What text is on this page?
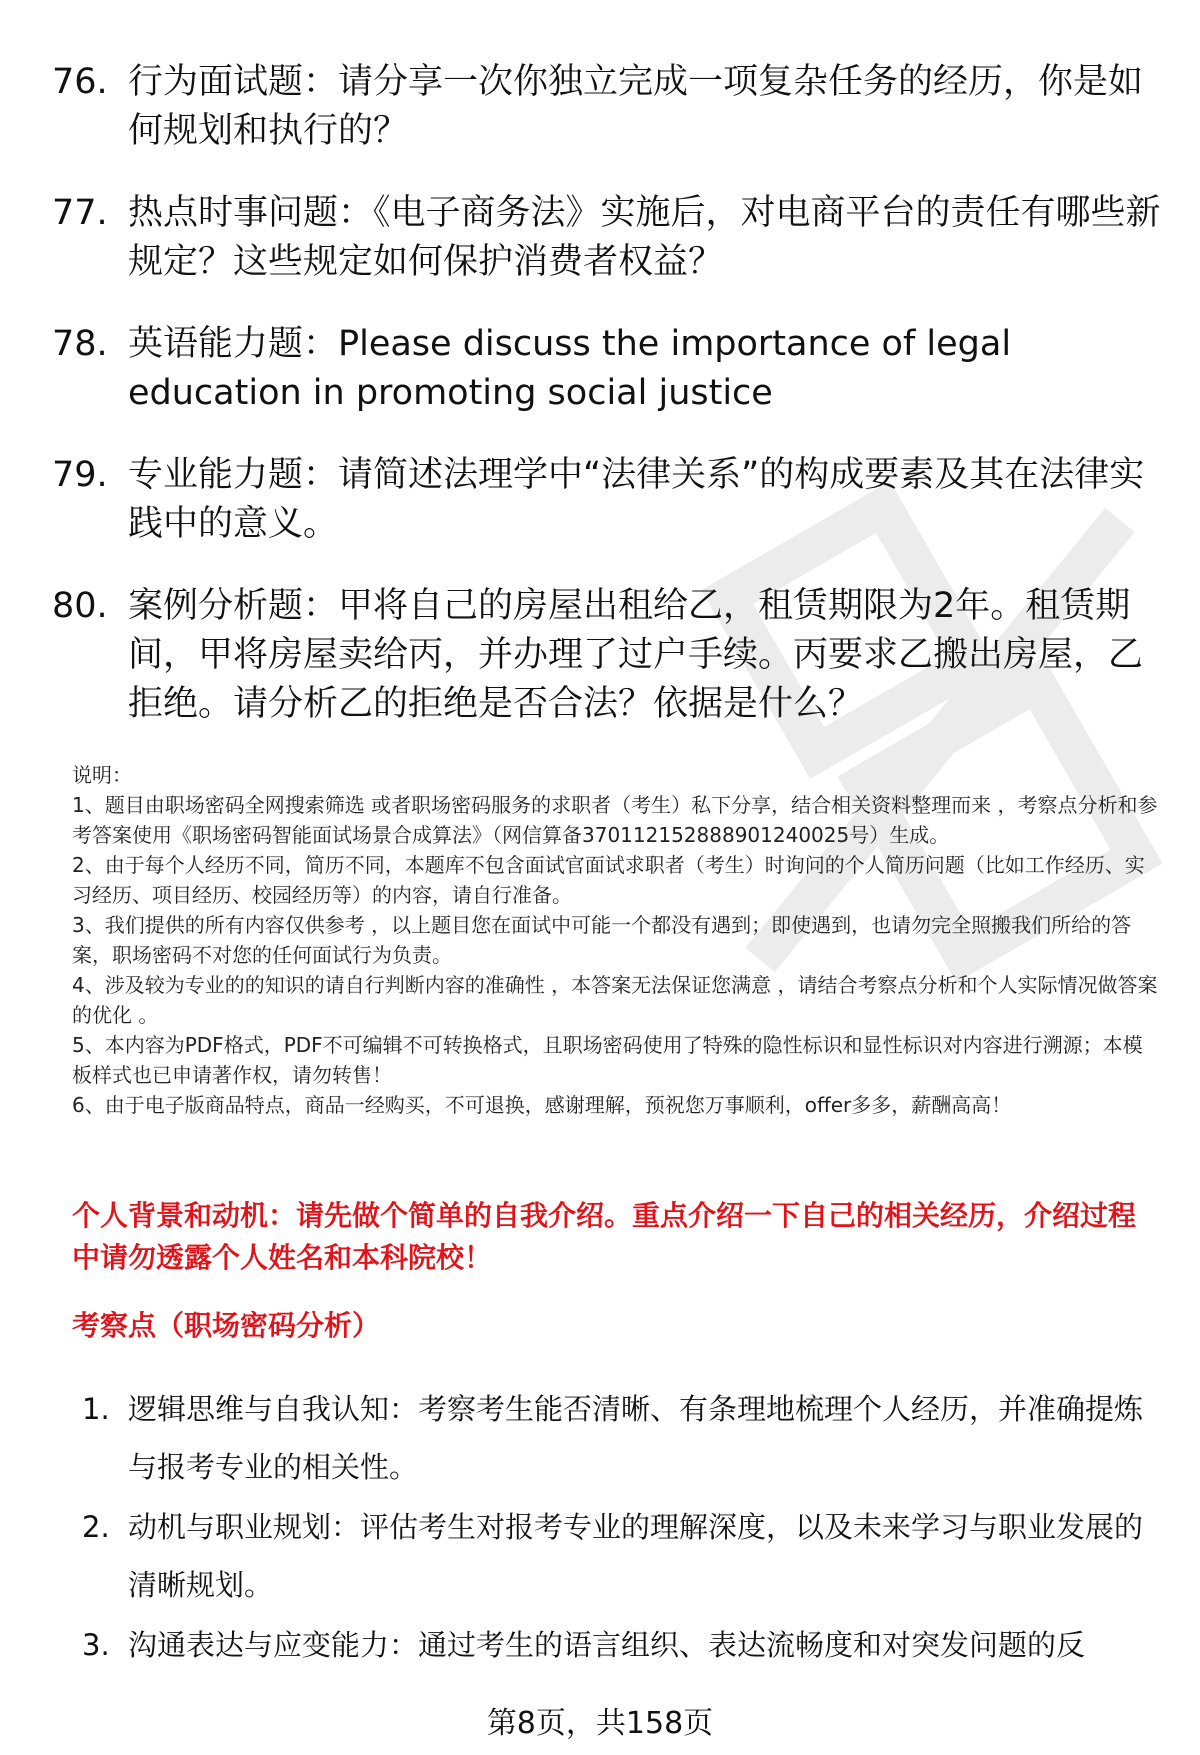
76. 行为面试题：请分享一次你独立完成一项复杂任务的经历，你是如何规划和执行的？
77. 热点时事问题：《电子商务法》实施后，对电商平台的责任有哪些新规定？这些规定如何保护消费者权益？
78. 英语能力题：Please discuss the importance of legal education in promoting social justice
79. 专业能力题：请简述法理学中“法律关系”的构成要素及其在法律实践中的意义。
80. 案例分析题：甲将自己的房屋出租给乙，租赁期限为2年。租赁期间，甲将房屋卖给丙，并办理了过户手续。丙要求乙搬出房屋，乙拒绝。请分析乙的拒绝是否合法？依据是什么？

说明：

1、题目由职场密码全网搜索筛选 或者职场密码服务的求职者（考生）私下分享，结合相关资料整理而来 ，考察点分析和参考答案使用《职场密码智能面试场景合成算法》（网信算备370112152888901240025号）生成。

2、由于每个人经历不同，简历不同，本题库不包含面试官面试求职者（考生）时询问的个人简历问题（比如工作经历、实习经历、项目经历、校园经历等）的内容，请自行准备。

3、我们提供的所有内容仅供参考 ，以上题目您在面试中可能一个都没有遇到；即使遇到，也请勿完全照搬我们所给的答案，职场密码不对您的任何面试行为负责。

4、涉及较为专业的的知识的请自行判断内容的准确性 ，本答案无法保证您满意 ，请结合考察点分析和个人实际情况做答案的优化 。

5、本内容为PDF格式，PDF不可编辑不可转换格式，且职场密码使用了特殊的隐性标识和显性标识对内容进行溯源；本模板样式也已申请著作权，请勿转售！

6、由于电子版商品特点，商品一经购买，不可退换，感谢理解，预祝您万事顺利，offer多多，薪酬高高！

个人背景和动机：请先做个简单的自我介绍。重点介绍一下自己的相关经历，介绍过程中请勿透露个人姓名和本科院校！
考察点（职场密码分析）
1. 逻辑思维与自我认知：考察考生能否清晰、有条理地梳理个人经历，并准确提炼与报考专业的相关性。
2. 动机与职业规划：评估考生对报考专业的理解深度，以及未来学习与职业发展的清晰规划。
3. 沟通表达与应变能力：通过考生的语言组织、表达流畅度和对突发问题的反
第8页，共158页
